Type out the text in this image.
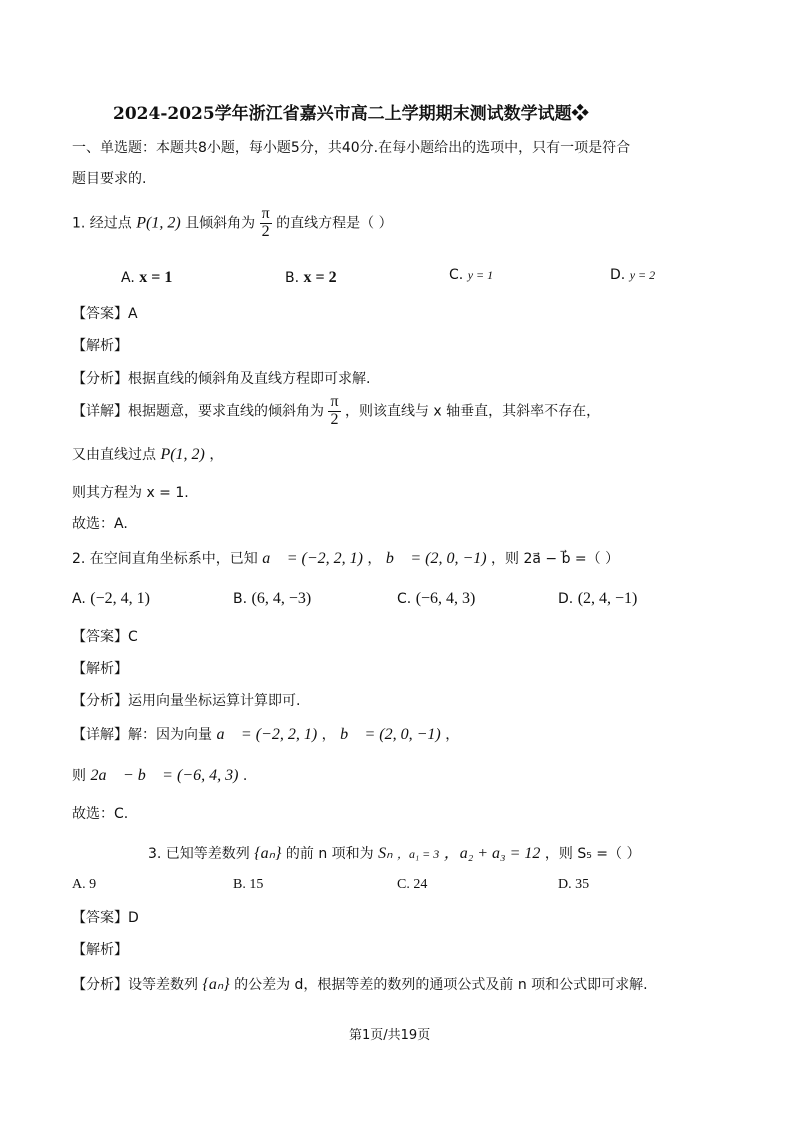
2024-2025学年浙江省嘉兴市高二上学期期末测试数学试题❖
一、单选题：本题共8小题，每小题5分，共40分.在每小题给出的选项中，只有一项是符合
题目要求的.
1. 经过点 P(1, 2) 且倾斜角为 $\frac{\pi}{2}$ 的直线方程是（ ）
A. x = 1	B. x = 2	C. y = 1	D. y = 2
【答案】A
【解析】
【分析】根据直线的倾斜角及直线方程即可求解.
【详解】根据题意，要求直线的倾斜角为 $\frac{\pi}{2}$ ，则该直线与 x 轴垂直，其斜率不存在，
又由直线过点 P(1, 2) ，
则其方程为 x = 1.
故选：A.
2. 在空间直角坐标系中，已知 a⃗ = (−2, 2, 1) ， b⃗ = (2, 0, −1) ，则 2a⃗ − b⃗ =（ ）
A. (−2, 4, 1)	B. (6, 4, −3)	C. (−6, 4, 3)	D. (2, 4, −1)
【答案】C
【解析】
【分析】运用向量坐标运算计算即可.
【详解】解：因为向量 a⃗ = (−2, 2, 1) ， b⃗ = (2, 0, −1) ，
则 2a⃗ − b⃗ = (−6, 4, 3) .
故选：C.
3. 已知等差数列 {aₙ} 的前 n 项和为 Sₙ ，a₁ = 3 ，a₂ + a₃ = 12 ，则 S₅ =（ ）
A. 9	B. 15	C. 24	D. 35
【答案】D
【解析】
【分析】设等差数列 {aₙ} 的公差为 d，根据等差的数列的通项公式及前 n 项和公式即可求解.
第1页/共19页
